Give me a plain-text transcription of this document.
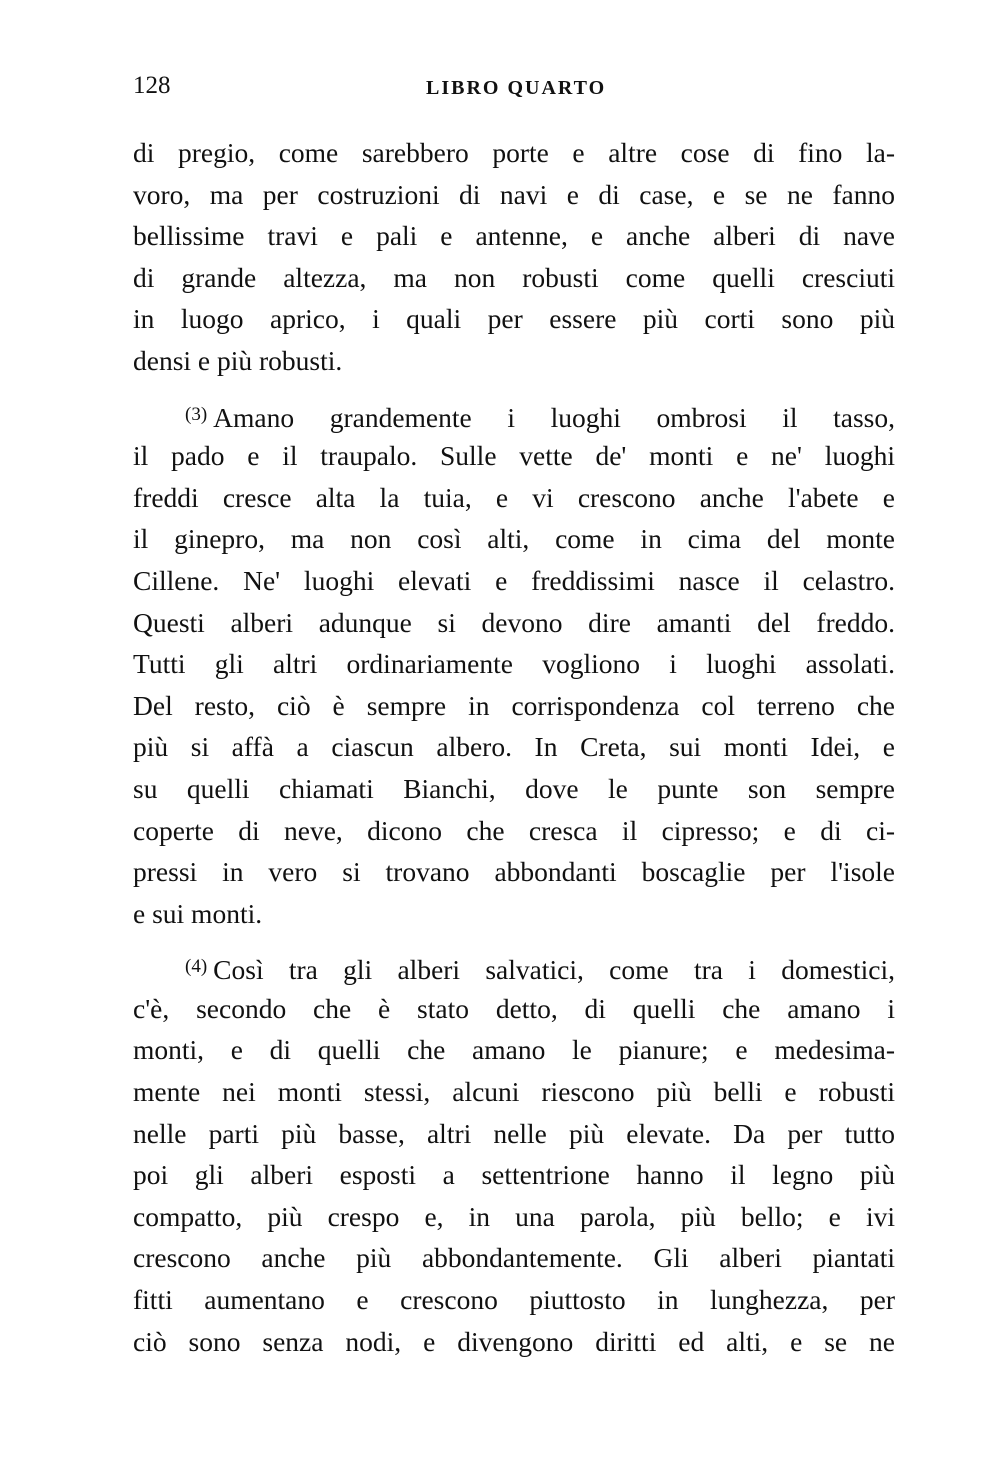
128	LIBRO QUARTO
di pregio, come sarebbero porte e altre cose di fino la-
voro, ma per costruzioni di navi e di case, e se ne fanno
bellissime travi e pali e antenne, e anche alberi di nave
di grande altezza, ma non robusti come quelli cresciuti
in luogo aprico, i quali per essere più corti sono più
densi e più robusti.
$^{(3)}$ Amano grandemente i luoghi ombrosi il tasso,
il pado e il traupalo. Sulle vette de' monti e ne' luoghi
freddi cresce alta la tuia, e vi crescono anche l'abete e
il ginepro, ma non così alti, come in cima del monte
Cillene. Ne' luoghi elevati e freddissimi nasce il celastro.
Questi alberi adunque si devono dire amanti del freddo.
Tutti gli altri ordinariamente vogliono i luoghi assolati.
Del resto, ciò è sempre in corrispondenza col terreno che
più si affà a ciascun albero. In Creta, sui monti Idei, e
su quelli chiamati Bianchi, dove le punte son sempre
coperte di neve, dicono che cresca il cipresso; e di ci-
pressi in vero si trovano abbondanti boscaglie per l'isole
e sui monti.
$^{(4)}$ Così tra gli alberi salvatici, come tra i domestici,
c'è, secondo che è stato detto, di quelli che amano i
monti, e di quelli che amano le pianure; e medesima-
mente nei monti stessi, alcuni riescono più belli e robusti
nelle parti più basse, altri nelle più elevate. Da per tutto
poi gli alberi esposti a settentrione hanno il legno più
compatto, più crespo e, in una parola, più bello; e ivi
crescono anche più abbondantemente. Gli alberi piantati
fitti aumentano e crescono piuttosto in lunghezza, per
ciò sono senza nodi, e divengono diritti ed alti, e se ne
